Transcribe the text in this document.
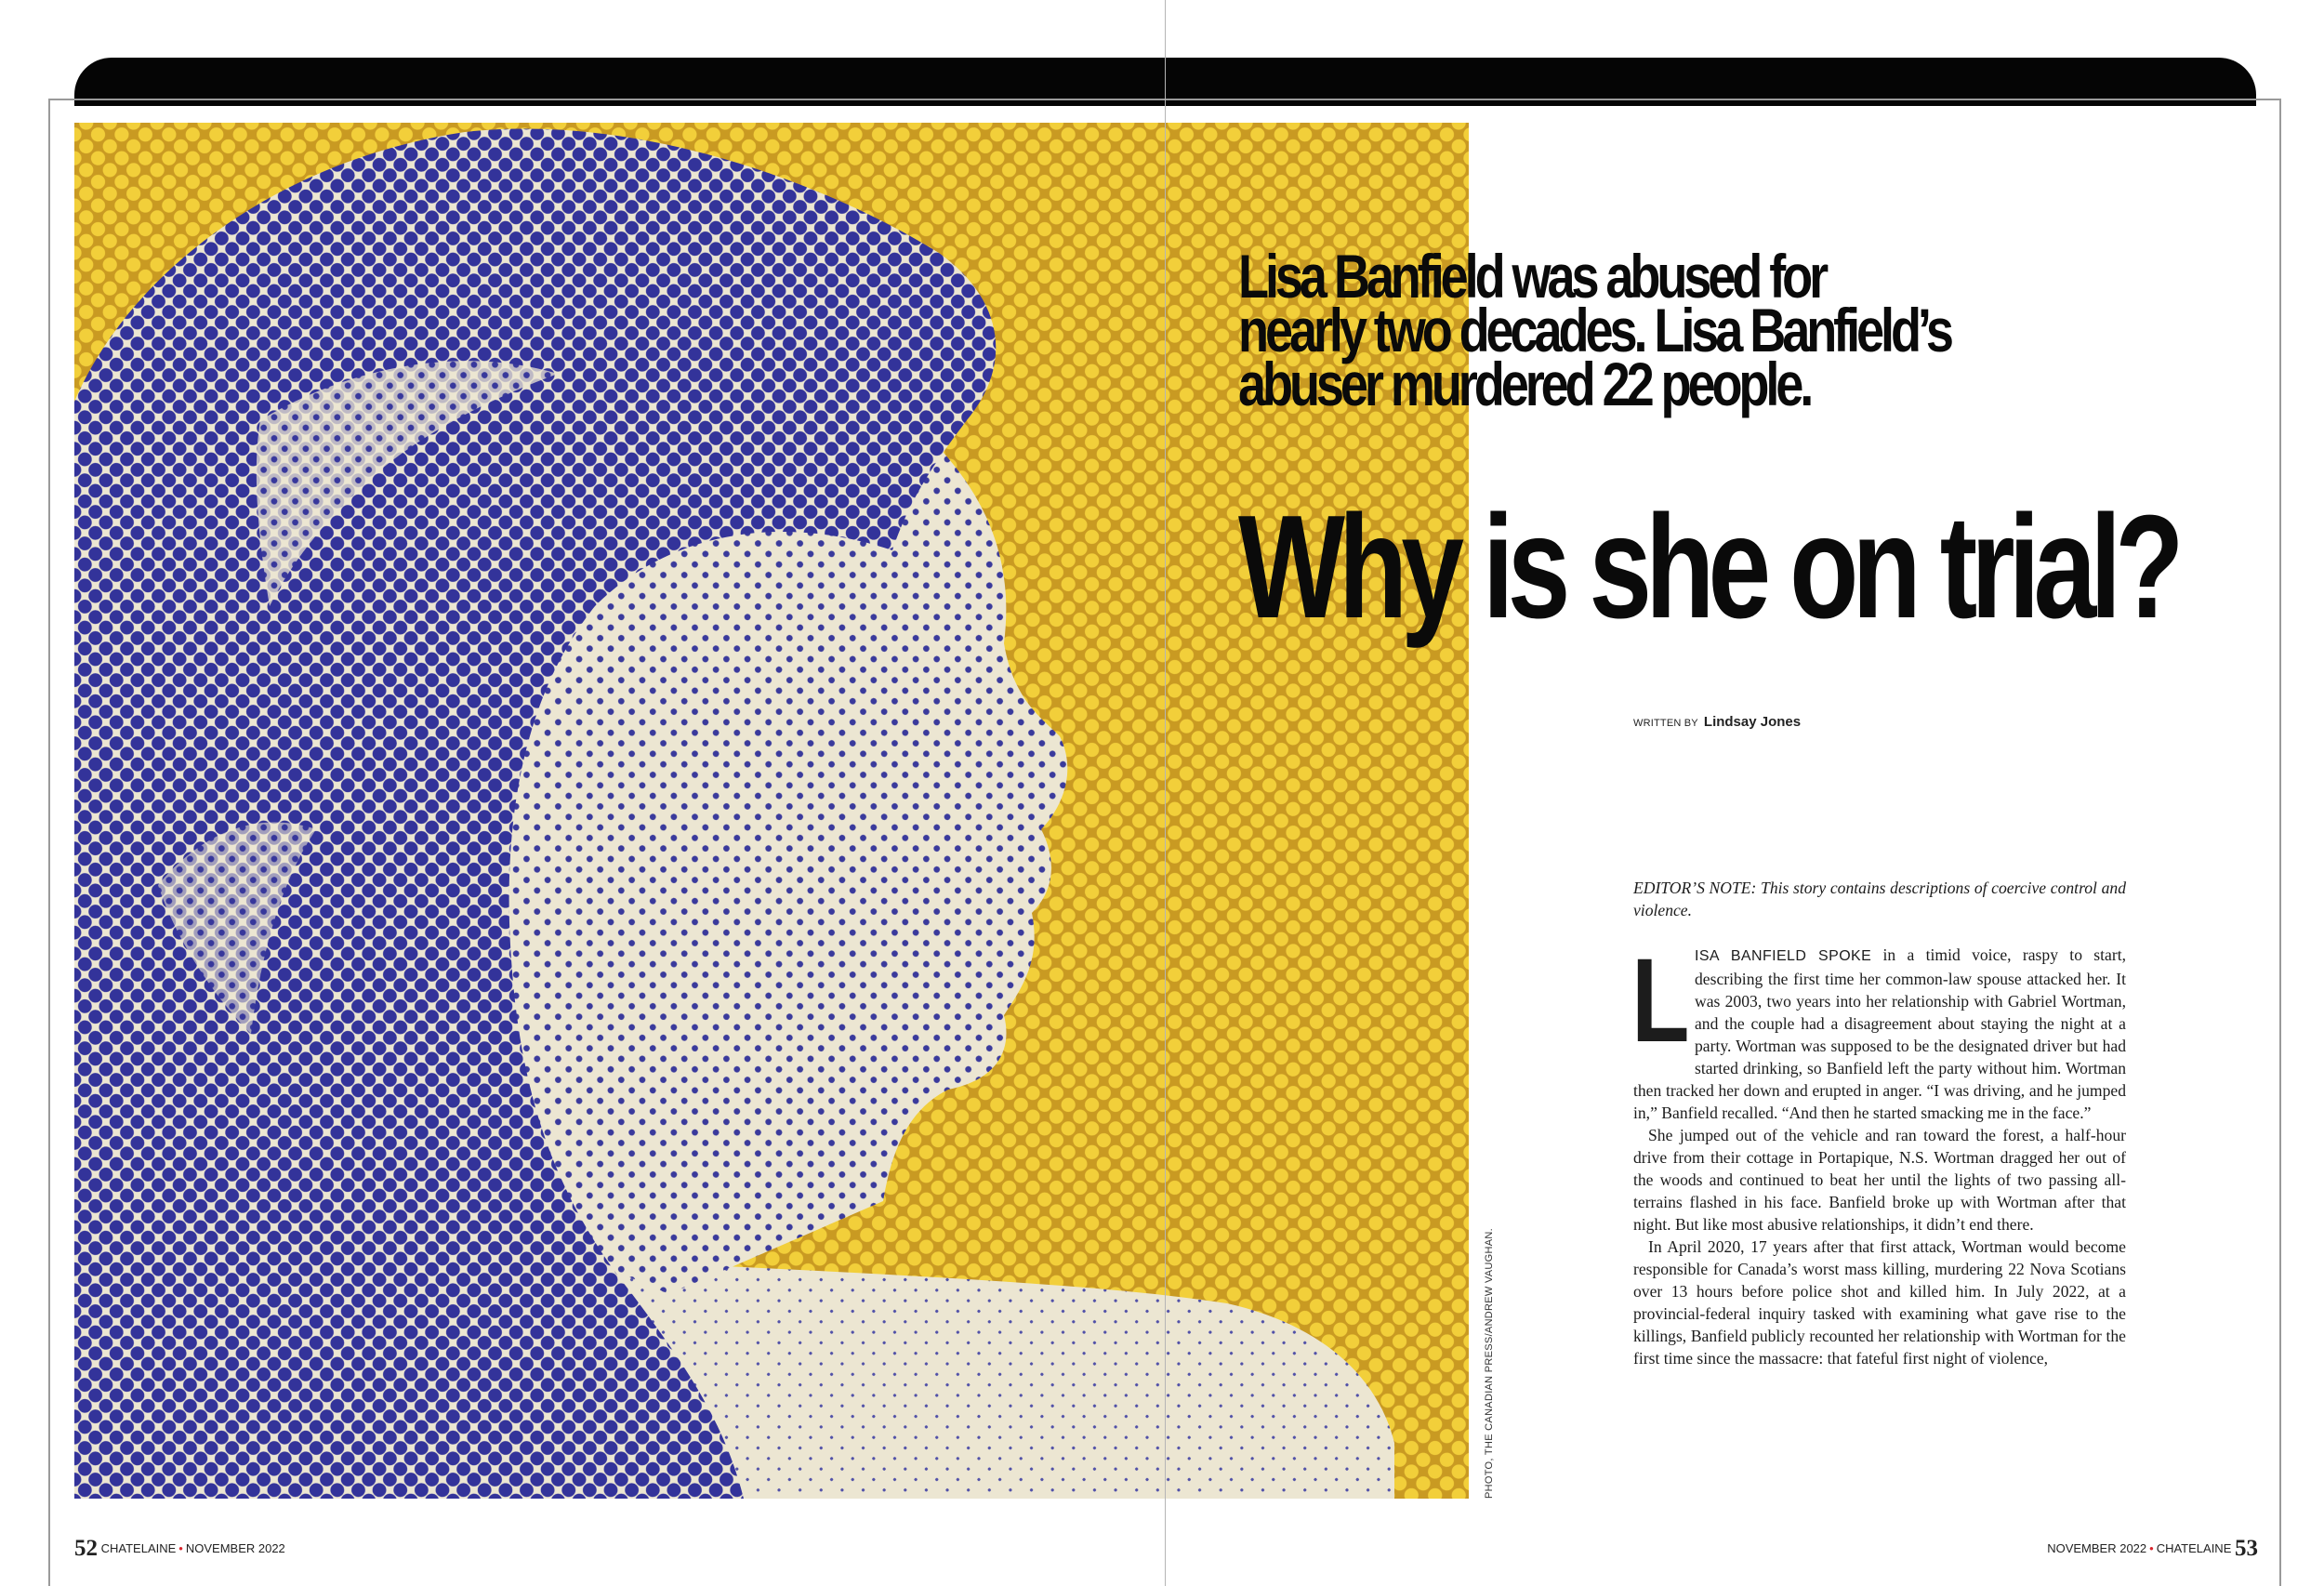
PHOTO, THE CANADIAN PRESS/ANDREW VAUGHAN.
Lisa Banfield was abused for
nearly two decades. Lisa Banfield’s
abuser murdered 22 people.
Why is she on trial?
WRITTEN BY Lindsay Jones

EDITOR’S NOTE: This story contains descriptions of coercive control and violence.

LISA BANFIELD SPOKE in a timid voice, raspy to start, describing the first time her common-law spouse attacked her. It was 2003, two years into her relationship with Gabriel Wortman, and the couple had a disagreement about staying the night at a party. Wortman was supposed to be the designated driver but had started drinking, so Banfield left the party without him. Wortman then tracked her down and erupted in anger. “I was driving, and he jumped in,” Banfield recalled. “And then he started smacking me in the face.”

She jumped out of the vehicle and ran toward the forest, a half-hour drive from their cottage in Portapique, N.S. Wortman dragged her out of the woods and continued to beat her until the lights of two passing all-terrains flashed in his face. Banfield broke up with Wortman after that night. But like most abusive relationships, it didn’t end there.

In April 2020, 17 years after that first attack, Wortman would become responsible for Canada’s worst mass killing, murdering 22 Nova Scotians over 13 hours before police shot and killed him. In July 2022, at a provincial-federal inquiry tasked with examining what gave rise to the killings, Banfield publicly recounted her relationship with Wortman for the first time since the massacre: that fateful first night of violence,

52 CHATELAINE • NOVEMBER 2022	NOVEMBER 2022 • CHATELAINE 53
